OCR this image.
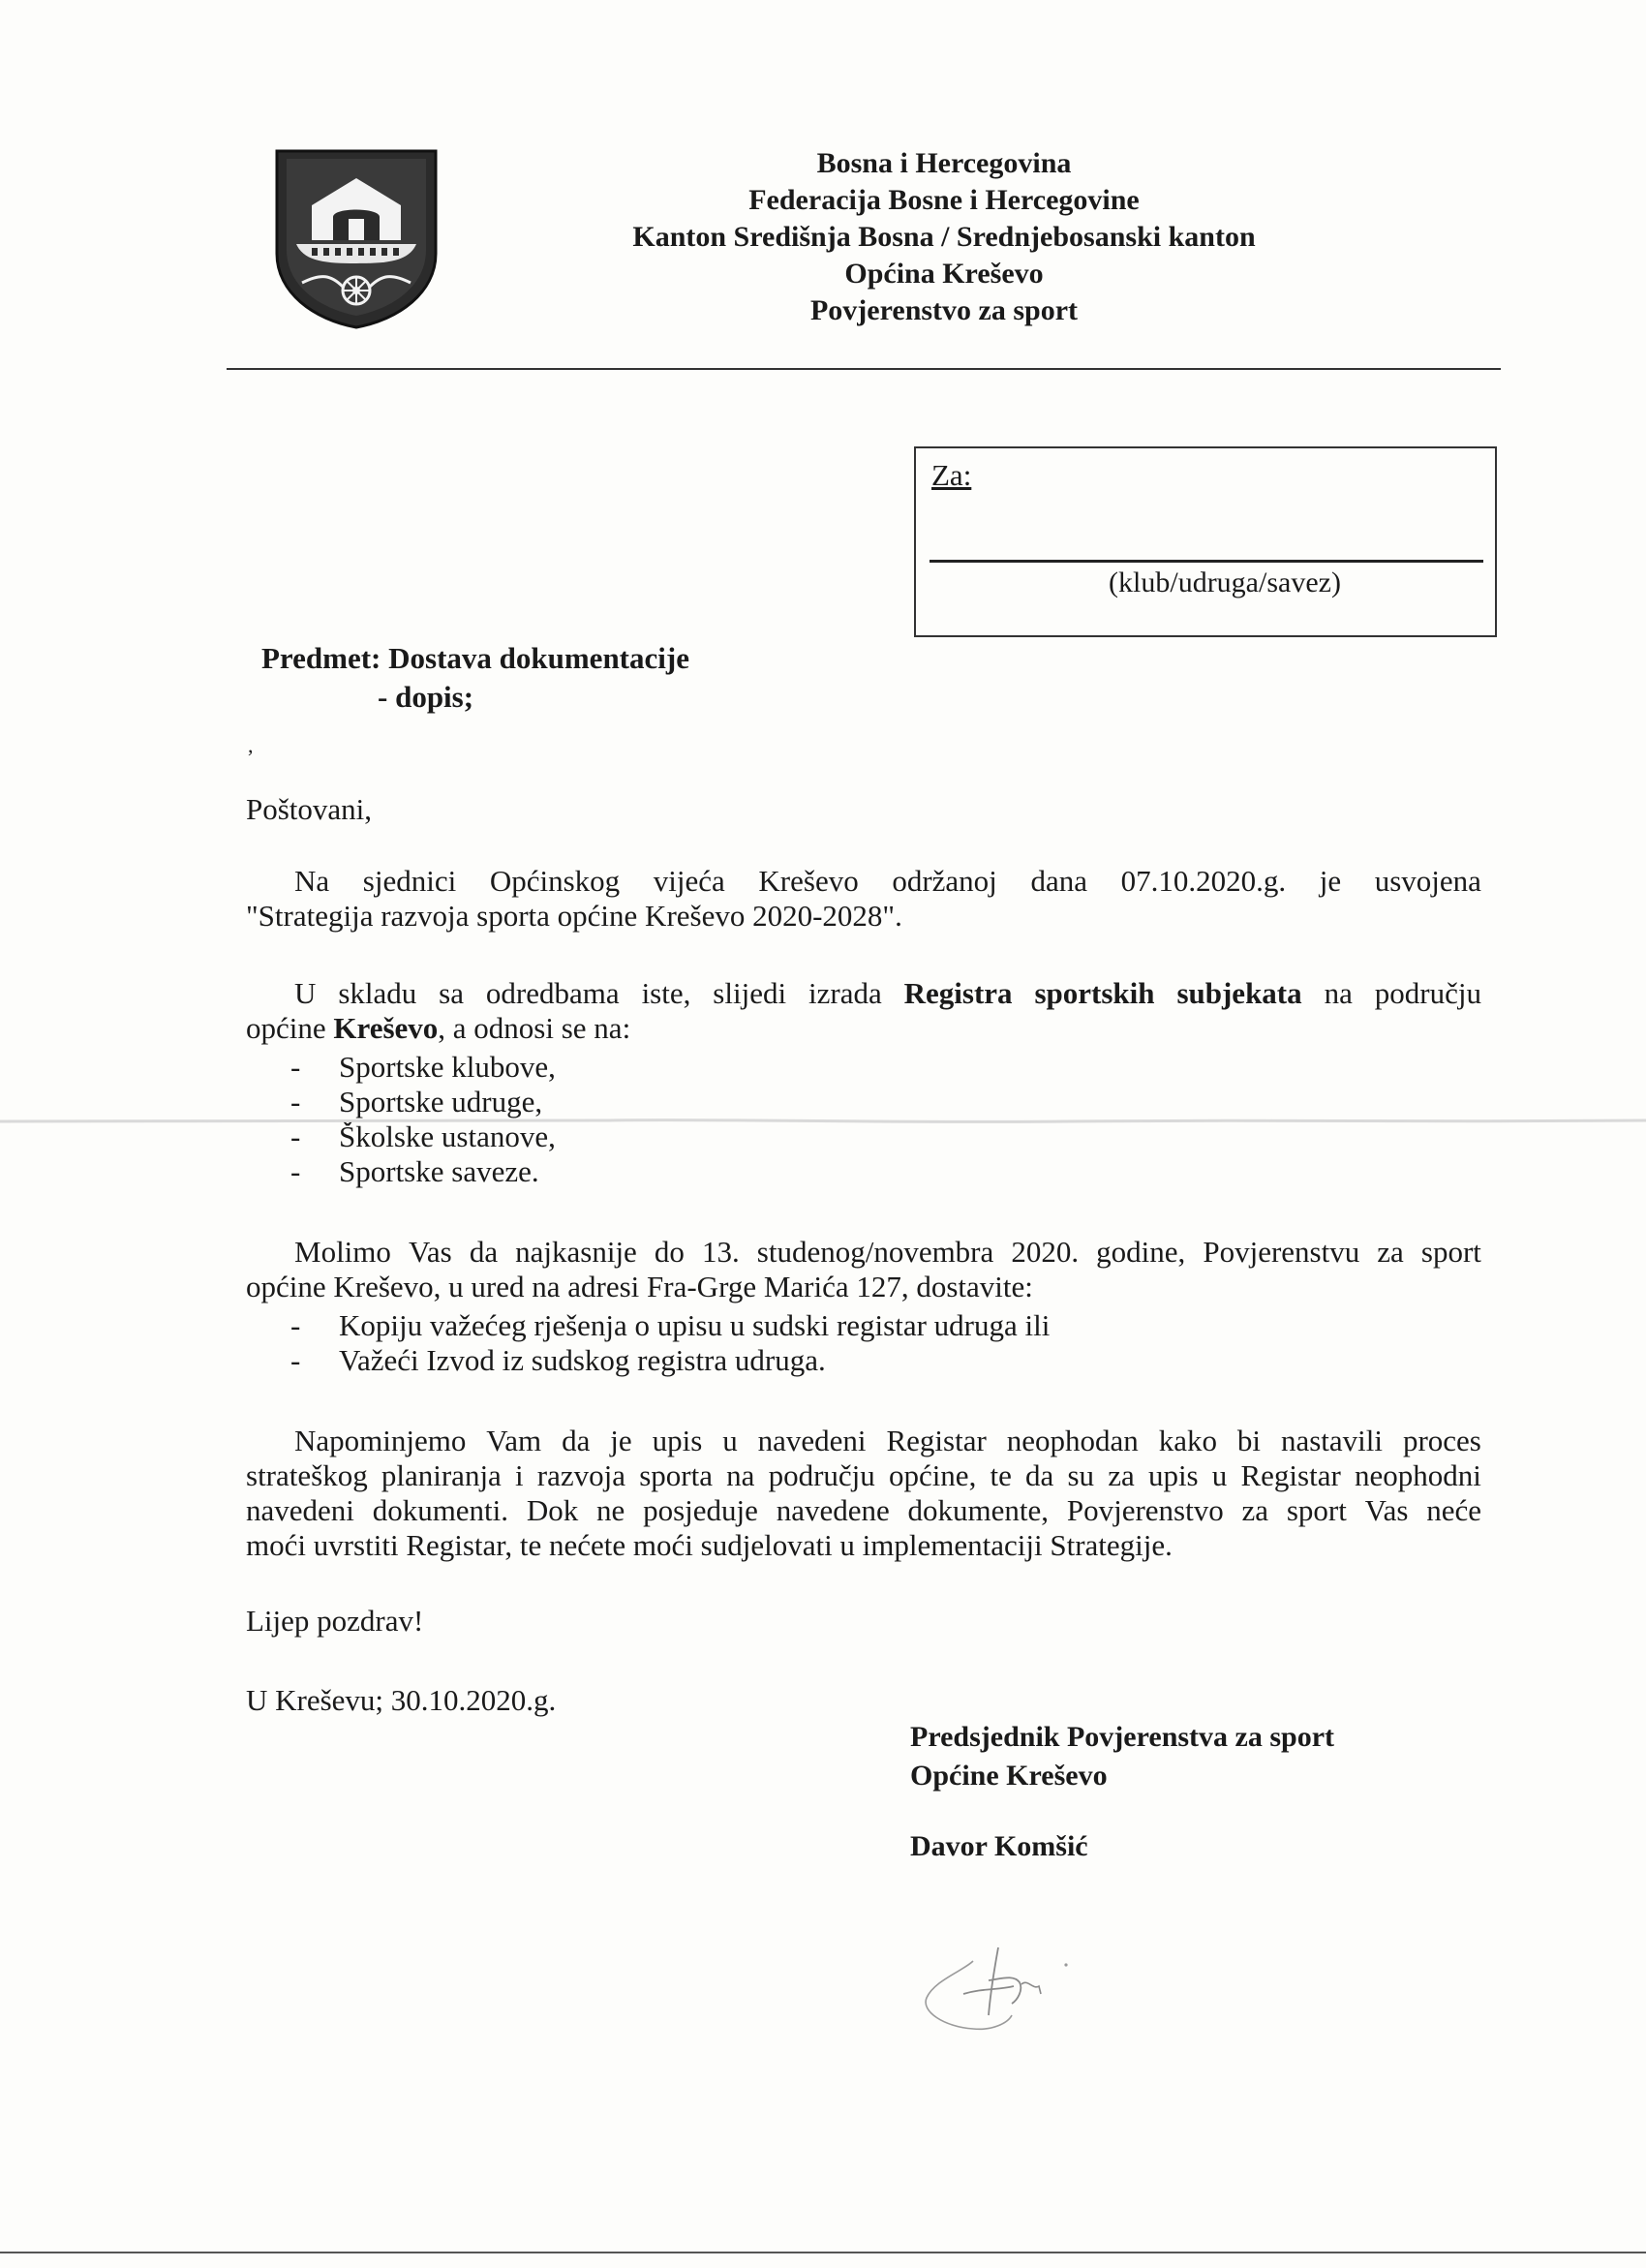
Bosna i Hercegovina
Federacija Bosne i Hercegovine
Kanton Središnja Bosna / Srednjebosanski kanton
Općina Kreševo
Povjerenstvo za sport
Za:
(klub/udruga/savez)
Predmet: Dostava dokumentacije
- dopis;
,
Poštovani,
Na sjednici Općinskog vijeća Kreševo održanoj dana 07.10.2020.g. je usvojena
"Strategija razvoja sporta općine Kreševo 2020-2028".
U skladu sa odredbama iste, slijedi izrada Registra sportskih subjekata na području
općine Kreševo, a odnosi se na:
- Sportske klubove,
- Sportske udruge,
- Školske ustanove,
- Sportske saveze.
Molimo Vas da najkasnije do 13. studenog/novembra 2020. godine, Povjerenstvu za sport
općine Kreševo, u ured na adresi Fra-Grge Marića 127, dostavite:
- Kopiju važećeg rješenja o upisu u sudski registar udruga ili
- Važeći Izvod iz sudskog registra udruga.
Napominjemo Vam da je upis u navedeni Registar neophodan kako bi nastavili proces
strateškog planiranja i razvoja sporta na području općine, te da su za upis u Registar neophodni
navedeni dokumenti. Dok ne posjeduje navedene dokumente, Povjerenstvo za sport Vas neće
moći uvrstiti Registar, te nećete moći sudjelovati u implementaciji Strategije.
Lijep pozdrav!
U Kreševu; 30.10.2020.g.
Predsjednik Povjerenstva za sport
Općine Kreševo
Davor Komšić
